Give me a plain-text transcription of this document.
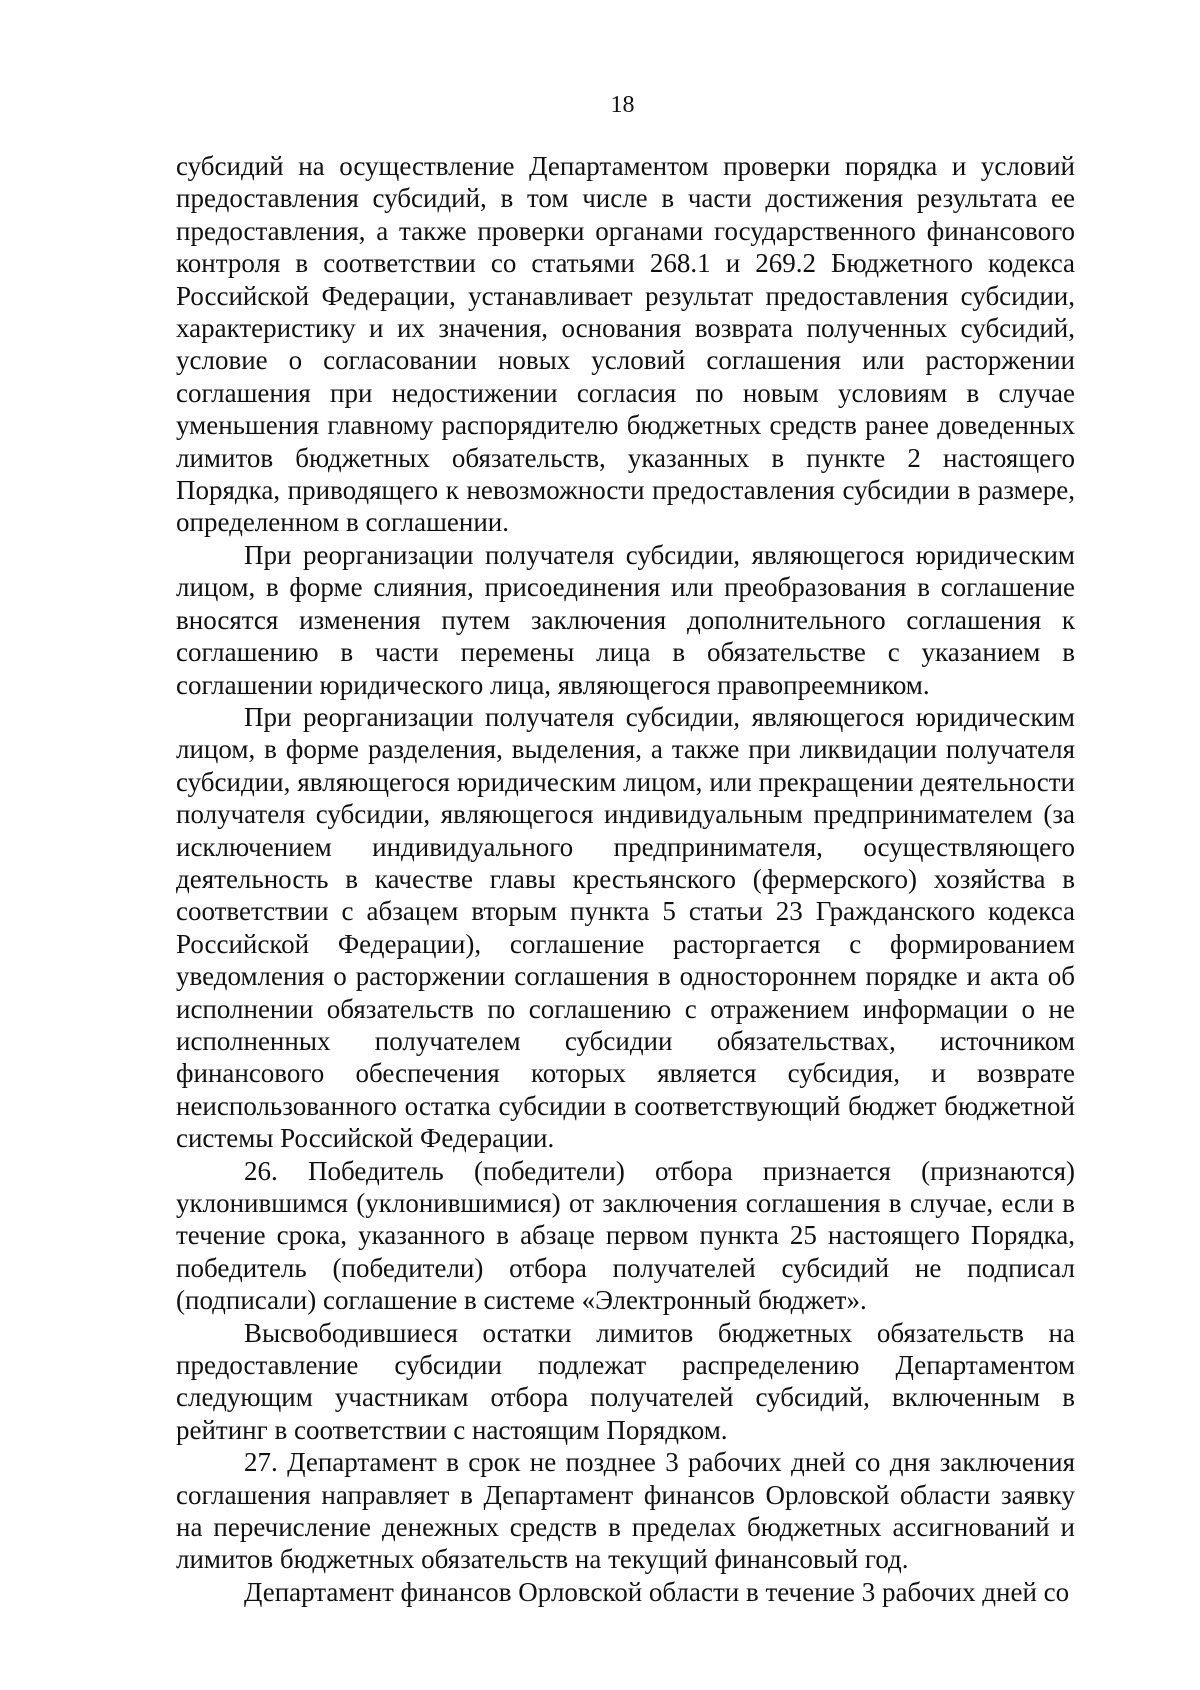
18

субсидий на осуществление Департаментом проверки порядка и условий предоставления субсидий, в том числе в части достижения результата ее предоставления, а также проверки органами государственного финансового контроля в соответствии со статьями 268.1 и 269.2 Бюджетного кодекса Российской Федерации, устанавливает результат предоставления субсидии, характеристику и их значения, основания возврата полученных субсидий, условие о согласовании новых условий соглашения или расторжении соглашения при недостижении согласия по новым условиям в случае уменьшения главному распорядителю бюджетных средств ранее доведенных лимитов бюджетных обязательств, указанных в пункте 2 настоящего Порядка, приводящего к невозможности предоставления субсидии в размере, определенном в соглашении.

При реорганизации получателя субсидии, являющегося юридическим лицом, в форме слияния, присоединения или преобразования в соглашение вносятся изменения путем заключения дополнительного соглашения к соглашению в части перемены лица в обязательстве с указанием в соглашении юридического лица, являющегося правопреемником.

При реорганизации получателя субсидии, являющегося юридическим лицом, в форме разделения, выделения, а также при ликвидации получателя субсидии, являющегося юридическим лицом, или прекращении деятельности получателя субсидии, являющегося индивидуальным предпринимателем (за исключением индивидуального предпринимателя, осуществляющего деятельность в качестве главы крестьянского (фермерского) хозяйства в соответствии с абзацем вторым пункта 5 статьи 23 Гражданского кодекса Российской Федерации), соглашение расторгается с формированием уведомления о расторжении соглашения в одностороннем порядке и акта об исполнении обязательств по соглашению с отражением информации о не исполненных получателем субсидии обязательствах, источником финансового обеспечения которых является субсидия, и возврате неиспользованного остатка субсидии в соответствующий бюджет бюджетной системы Российской Федерации.

26. Победитель (победители) отбора признается (признаются) уклонившимся (уклонившимися) от заключения соглашения в случае, если в течение срока, указанного в абзаце первом пункта 25 настоящего Порядка, победитель (победители) отбора получателей субсидий не подписал (подписали) соглашение в системе «Электронный бюджет».

Высвободившиеся остатки лимитов бюджетных обязательств на предоставление субсидии подлежат распределению Департаментом следующим участникам отбора получателей субсидий, включенным в рейтинг в соответствии с настоящим Порядком.

27. Департамент в срок не позднее 3 рабочих дней со дня заключения соглашения направляет в Департамент финансов Орловской области заявку на перечисление денежных средств в пределах бюджетных ассигнований и лимитов бюджетных обязательств на текущий финансовый год.

Департамент финансов Орловской области в течение 3 рабочих дней со
